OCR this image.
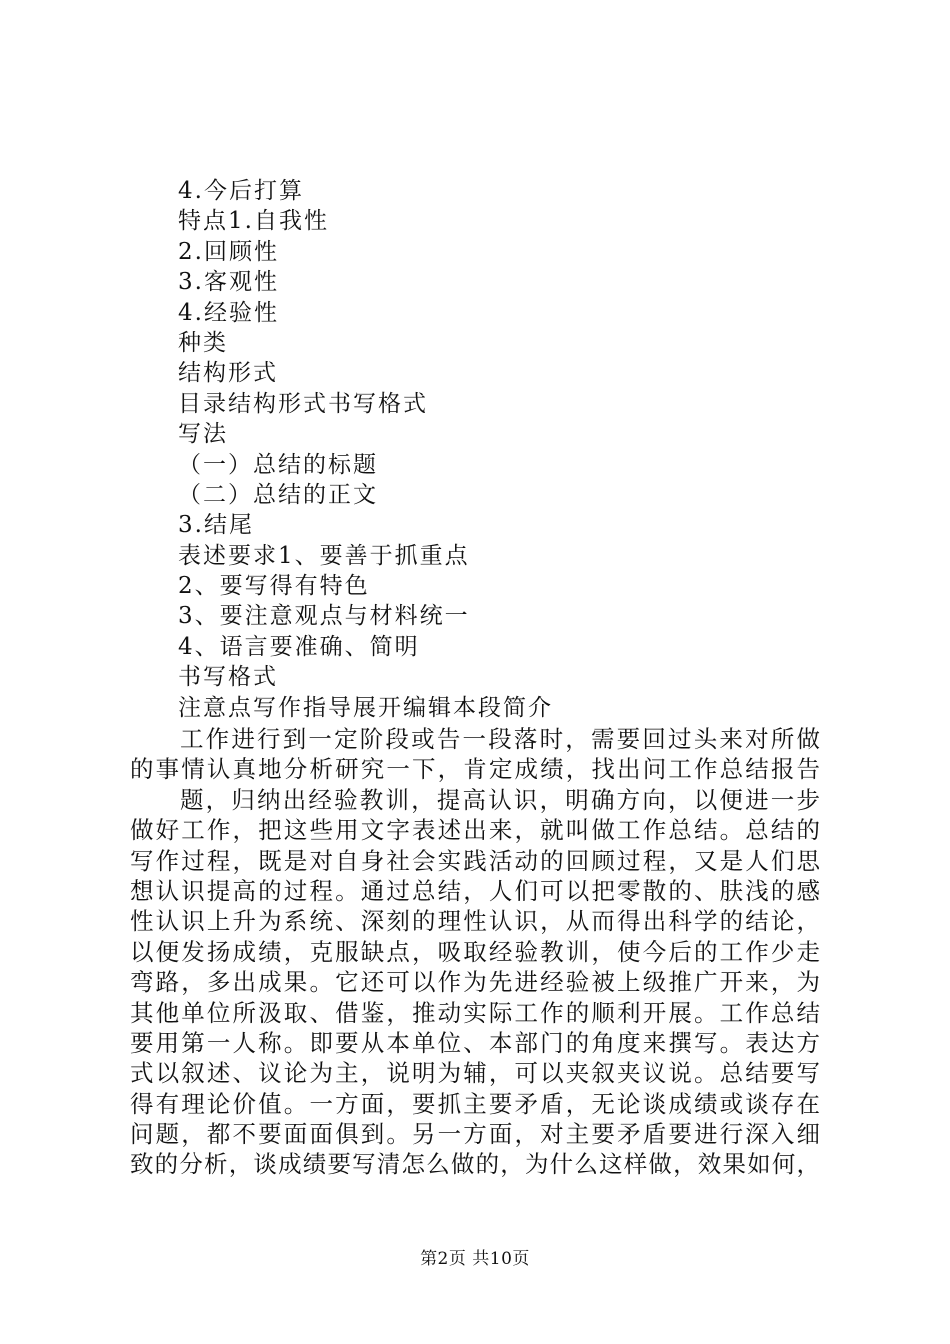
4.今后打算
特点1.自我性
2.回顾性
3.客观性
4.经验性
种类
结构形式
目录结构形式书写格式
写法
（一）总结的标题
（二）总结的正文
3.结尾
表述要求1、要善于抓重点
2、要写得有特色
3、要注意观点与材料统一
4、语言要准确、简明
书写格式
注意点写作指导展开编辑本段简介
工作进行到一定阶段或告一段落时，需要回过头来对所做
的事情认真地分析研究一下，肯定成绩，找出问工作总结报告
题，归纳出经验教训，提高认识，明确方向，以便进一步
做好工作，把这些用文字表述出来，就叫做工作总结。总结的
写作过程，既是对自身社会实践活动的回顾过程，又是人们思
想认识提高的过程。通过总结，人们可以把零散的、肤浅的感
性认识上升为系统、深刻的理性认识，从而得出科学的结论，
以便发扬成绩，克服缺点，吸取经验教训，使今后的工作少走
弯路，多出成果。它还可以作为先进经验被上级推广开来，为
其他单位所汲取、借鉴，推动实际工作的顺利开展。工作总结
要用第一人称。即要从本单位、本部门的角度来撰写。表达方
式以叙述、议论为主，说明为辅，可以夹叙夹议说。总结要写
得有理论价值。一方面，要抓主要矛盾，无论谈成绩或谈存在
问题，都不要面面俱到。另一方面，对主要矛盾要进行深入细
致的分析，谈成绩要写清怎么做的，为什么这样做，效果如何，
第2页 共10页
